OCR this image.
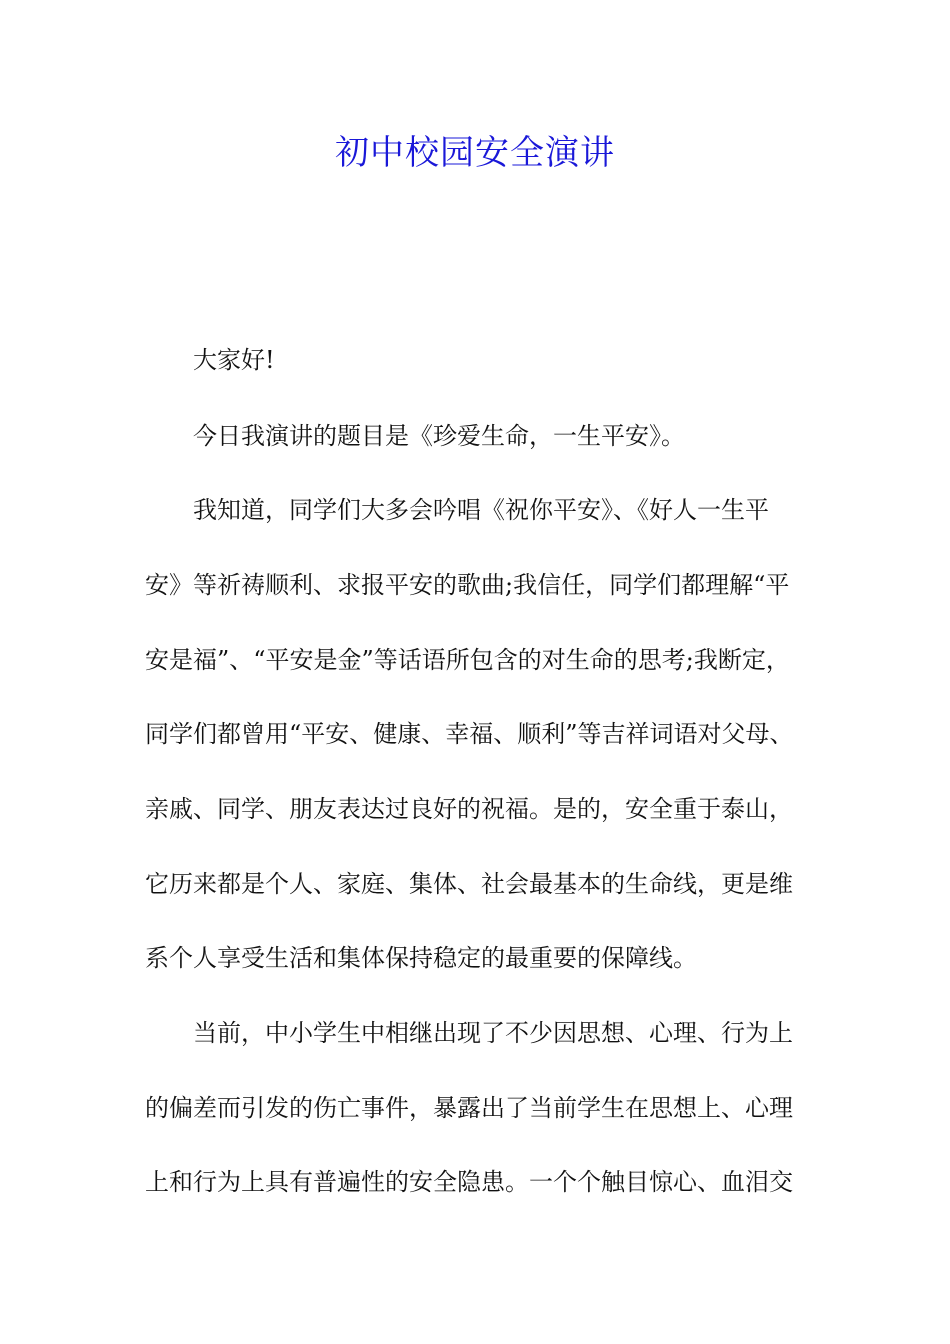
初中校园安全演讲
大家好!
今日我演讲的题目是《珍爱生命，一生平安》。
我知道，同学们大多会吟唱《祝你平安》、《好人一生平
安》等祈祷顺利、求报平安的歌曲;我信任，同学们都理解“平
安是福”、“平安是金”等话语所包含的对生命的思考;我断定，
同学们都曾用“平安、健康、幸福、顺利”等吉祥词语对父母、
亲戚、同学、朋友表达过良好的祝福。是的，安全重于泰山，
它历来都是个人、家庭、集体、社会最基本的生命线，更是维
系个人享受生活和集体保持稳定的最重要的保障线。
当前，中小学生中相继出现了不少因思想、心理、行为上
的偏差而引发的伤亡事件，暴露出了当前学生在思想上、心理
上和行为上具有普遍性的安全隐患。一个个触目惊心、血泪交
